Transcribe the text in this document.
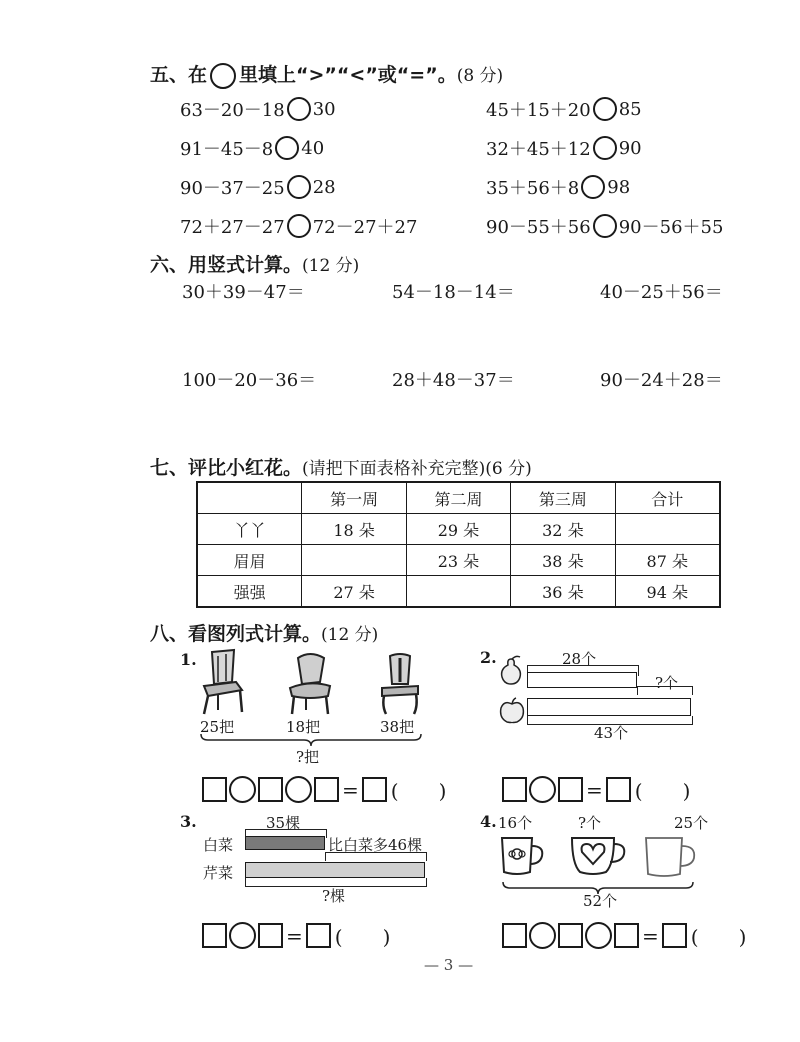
五、在 里填上“>”“<”或“=”。(8 分)
63－20－18 30	45＋15＋20 85
91－45－8 40	32＋45＋12 90
90－37－25 28	35＋56＋8 98
72＋27－27 72－27＋27	90－55＋56 90－56＋55
六、用竖式计算。(12 分)
30＋39－47＝	54－18－14＝	40－25＋56＝
100－20－36＝	28＋48－37＝	90－24＋28＝
七、评比小红花。(请把下面表格补充完整)(6 分)
	第一周	第二周	第三周	合计
丫丫	18 朵	29 朵	32 朵	
眉眉		23 朵	38 朵	87 朵
强强	27 朵		36 朵	94 朵
八、看图列式计算。(12 分)
1.
25把	18把	38把
?把
= (　　)
2.	28个
?个
43个
= (　　)
3.	35棵
白菜
芹菜
比白菜多46棵
?棵
= (　　)
4. 16个	?个	25个
52个
= (　　)
— 3 —
